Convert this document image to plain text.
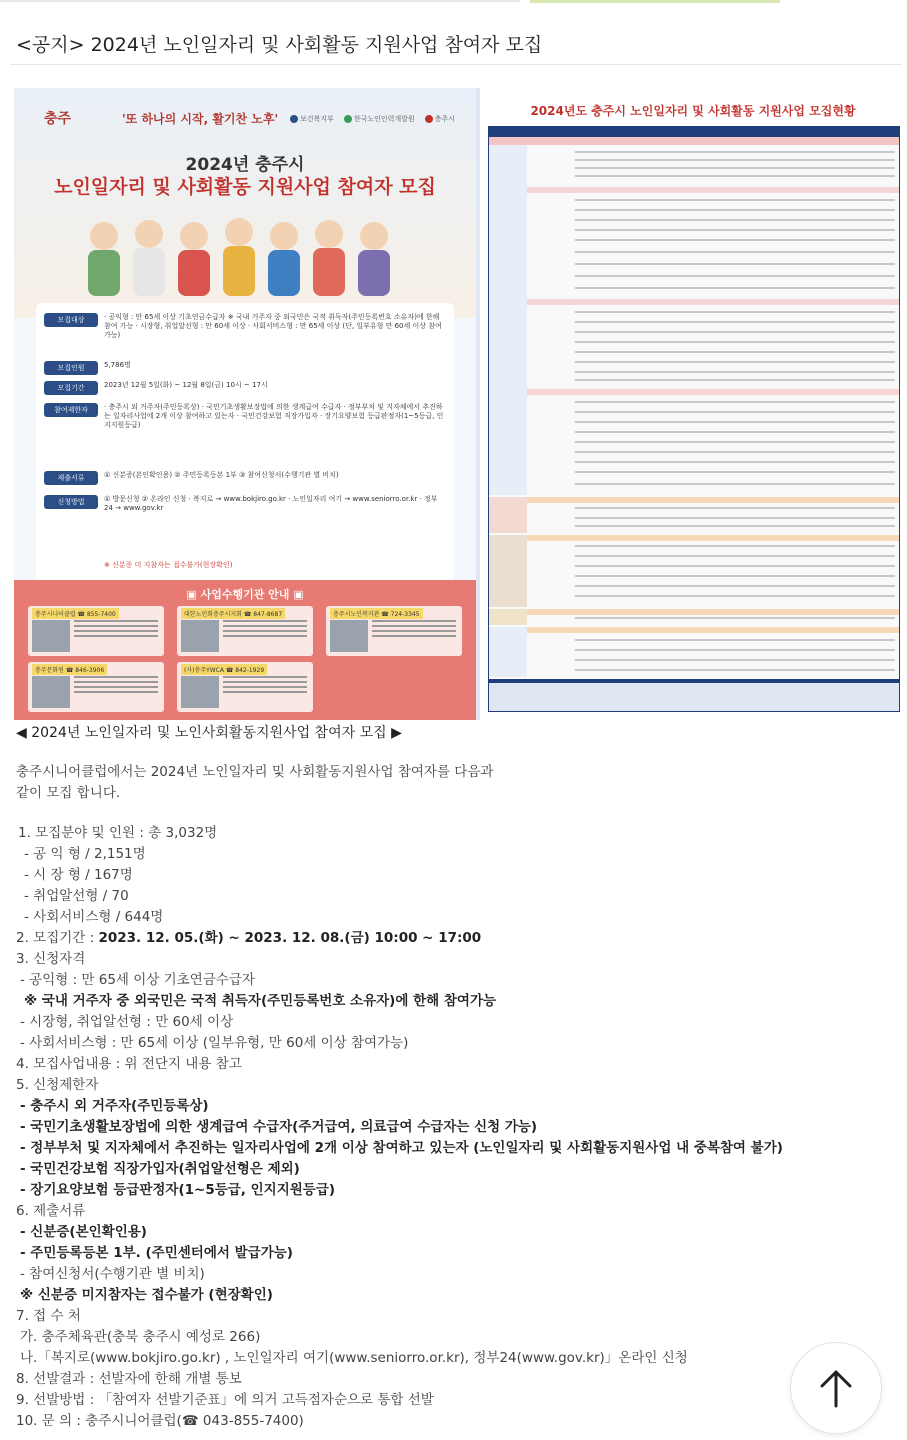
<공지> 2024년 노인일자리 및 사회활동 지원사업 참여자 모집
충주	'또 하나의 시작, 활기찬 노후'	보건복지부	한국노인인력개발원	충주시
2024년 충주시
노인일자리 및 사회활동 지원사업 참여자 모집
모집대상	· 공익형 : 만 65세 이상 기초연금수급자 ※ 국내 거주자 중 외국민은 국적 취득자(주민등록번호 소유자)에 한해 참여 가능 · 시장형, 취업알선형 : 만 60세 이상 · 사회서비스형 : 만 65세 이상 (단, 일부유형 만 60세 이상 참여가능)
모집인원	5,786명
모집기간	2023년 12월 5일(화) ~ 12월 8일(금) 10시 ~ 17시
참여제한자 · 충주시 외 거주자(주민등록상) · 국민기초생활보장법에 의한 생계급여 수급자 · 정부부처 및 지자체에서 추진하는 일자리사업에 2개 이상 참여하고 있는자 · 국민건강보험 직장가입자 · 장기요양보험 등급판정자(1~5등급, 인지지원등급)
제출서류	① 신분증(본인확인용) ② 주민등록등본 1부 ③ 참여신청서(수행기관 별 비치)
신청방법	① 방문신청 ② 온라인 신청 · 복지로 → www.bokjiro.go.kr · 노인일자리 여기 → www.seniorro.or.kr · 정부24 → www.gov.kr
※ 신분증 미 지참자는 접수불가(현장확인)
▣ 사업수행기관 안내 ▣
충주시니어클럽 ☎ 855-7400	대한노인회충주시지회 ☎ 847-8687	충주시노인복지관 ☎ 724-3345
충주문화원 ☎ 846-3906	(사)충주YWCA ☎ 842-1929
2024년도 충주시 노인일자리 및 사회활동 지원사업 모집현황
◀ 2024년 노인일자리 및 노인사회활동지원사업 참여자 모집 ▶

충주시니어클럽에서는 2024년 노인일자리 및 사회활동지원사업 참여자를 다음과

같이 모집 합니다.

1. 모집분야 및 인원 : 총 3,032명

- 공 익 형 / 2,151명

- 시 장 형 / 167명

- 취업알선형 / 70

- 사회서비스형 / 644명

2. 모집기간 : 2023. 12. 05.(화) ~ 2023. 12. 08.(금) 10:00 ~ 17:00

3. 신청자격

- 공익형 : 만 65세 이상 기초연금수급자

※ 국내 거주자 중 외국민은 국적 취득자(주민등록번호 소유자)에 한해 참여가능

- 시장형, 취업알선형 : 만 60세 이상

- 사회서비스형 : 만 65세 이상 (일부유형, 만 60세 이상 참여가능)

4. 모집사업내용 : 위 전단지 내용 참고

5. 신청제한자

- 충주시 외 거주자(주민등록상)

- 국민기초생활보장법에 의한 생계급여 수급자(주거급여, 의료급여 수급자는 신청 가능)

- 정부부처 및 지자체에서 추진하는 일자리사업에 2개 이상 참여하고 있는자 (노인일자리 및 사회활동지원사업 내 중복참여 불가)

- 국민건강보험 직장가입자(취업알선형은 제외)

- 장기요양보험 등급판정자(1~5등급, 인지지원등급)

6. 제출서류

- 신분증(본인확인용)

- 주민등록등본 1부. (주민센터에서 발급가능)

- 참여신청서(수행기관 별 비치)

※ 신분증 미지참자는 접수불가 (현장확인)

7. 접 수 처

가. 충주체육관(충북 충주시 예성로 266)

나.「복지로(www.bokjiro.go.kr) , 노인일자리 여기(www.seniorro.or.kr), 정부24(www.gov.kr)」온라인 신청

8. 선발결과 : 선발자에 한해 개별 통보

9. 선발방법 : 「참여자 선발기준표」에 의거 고득점자순으로 통합 선발

10. 문 의 : 충주시니어클럽(☎ 043-855-7400)
